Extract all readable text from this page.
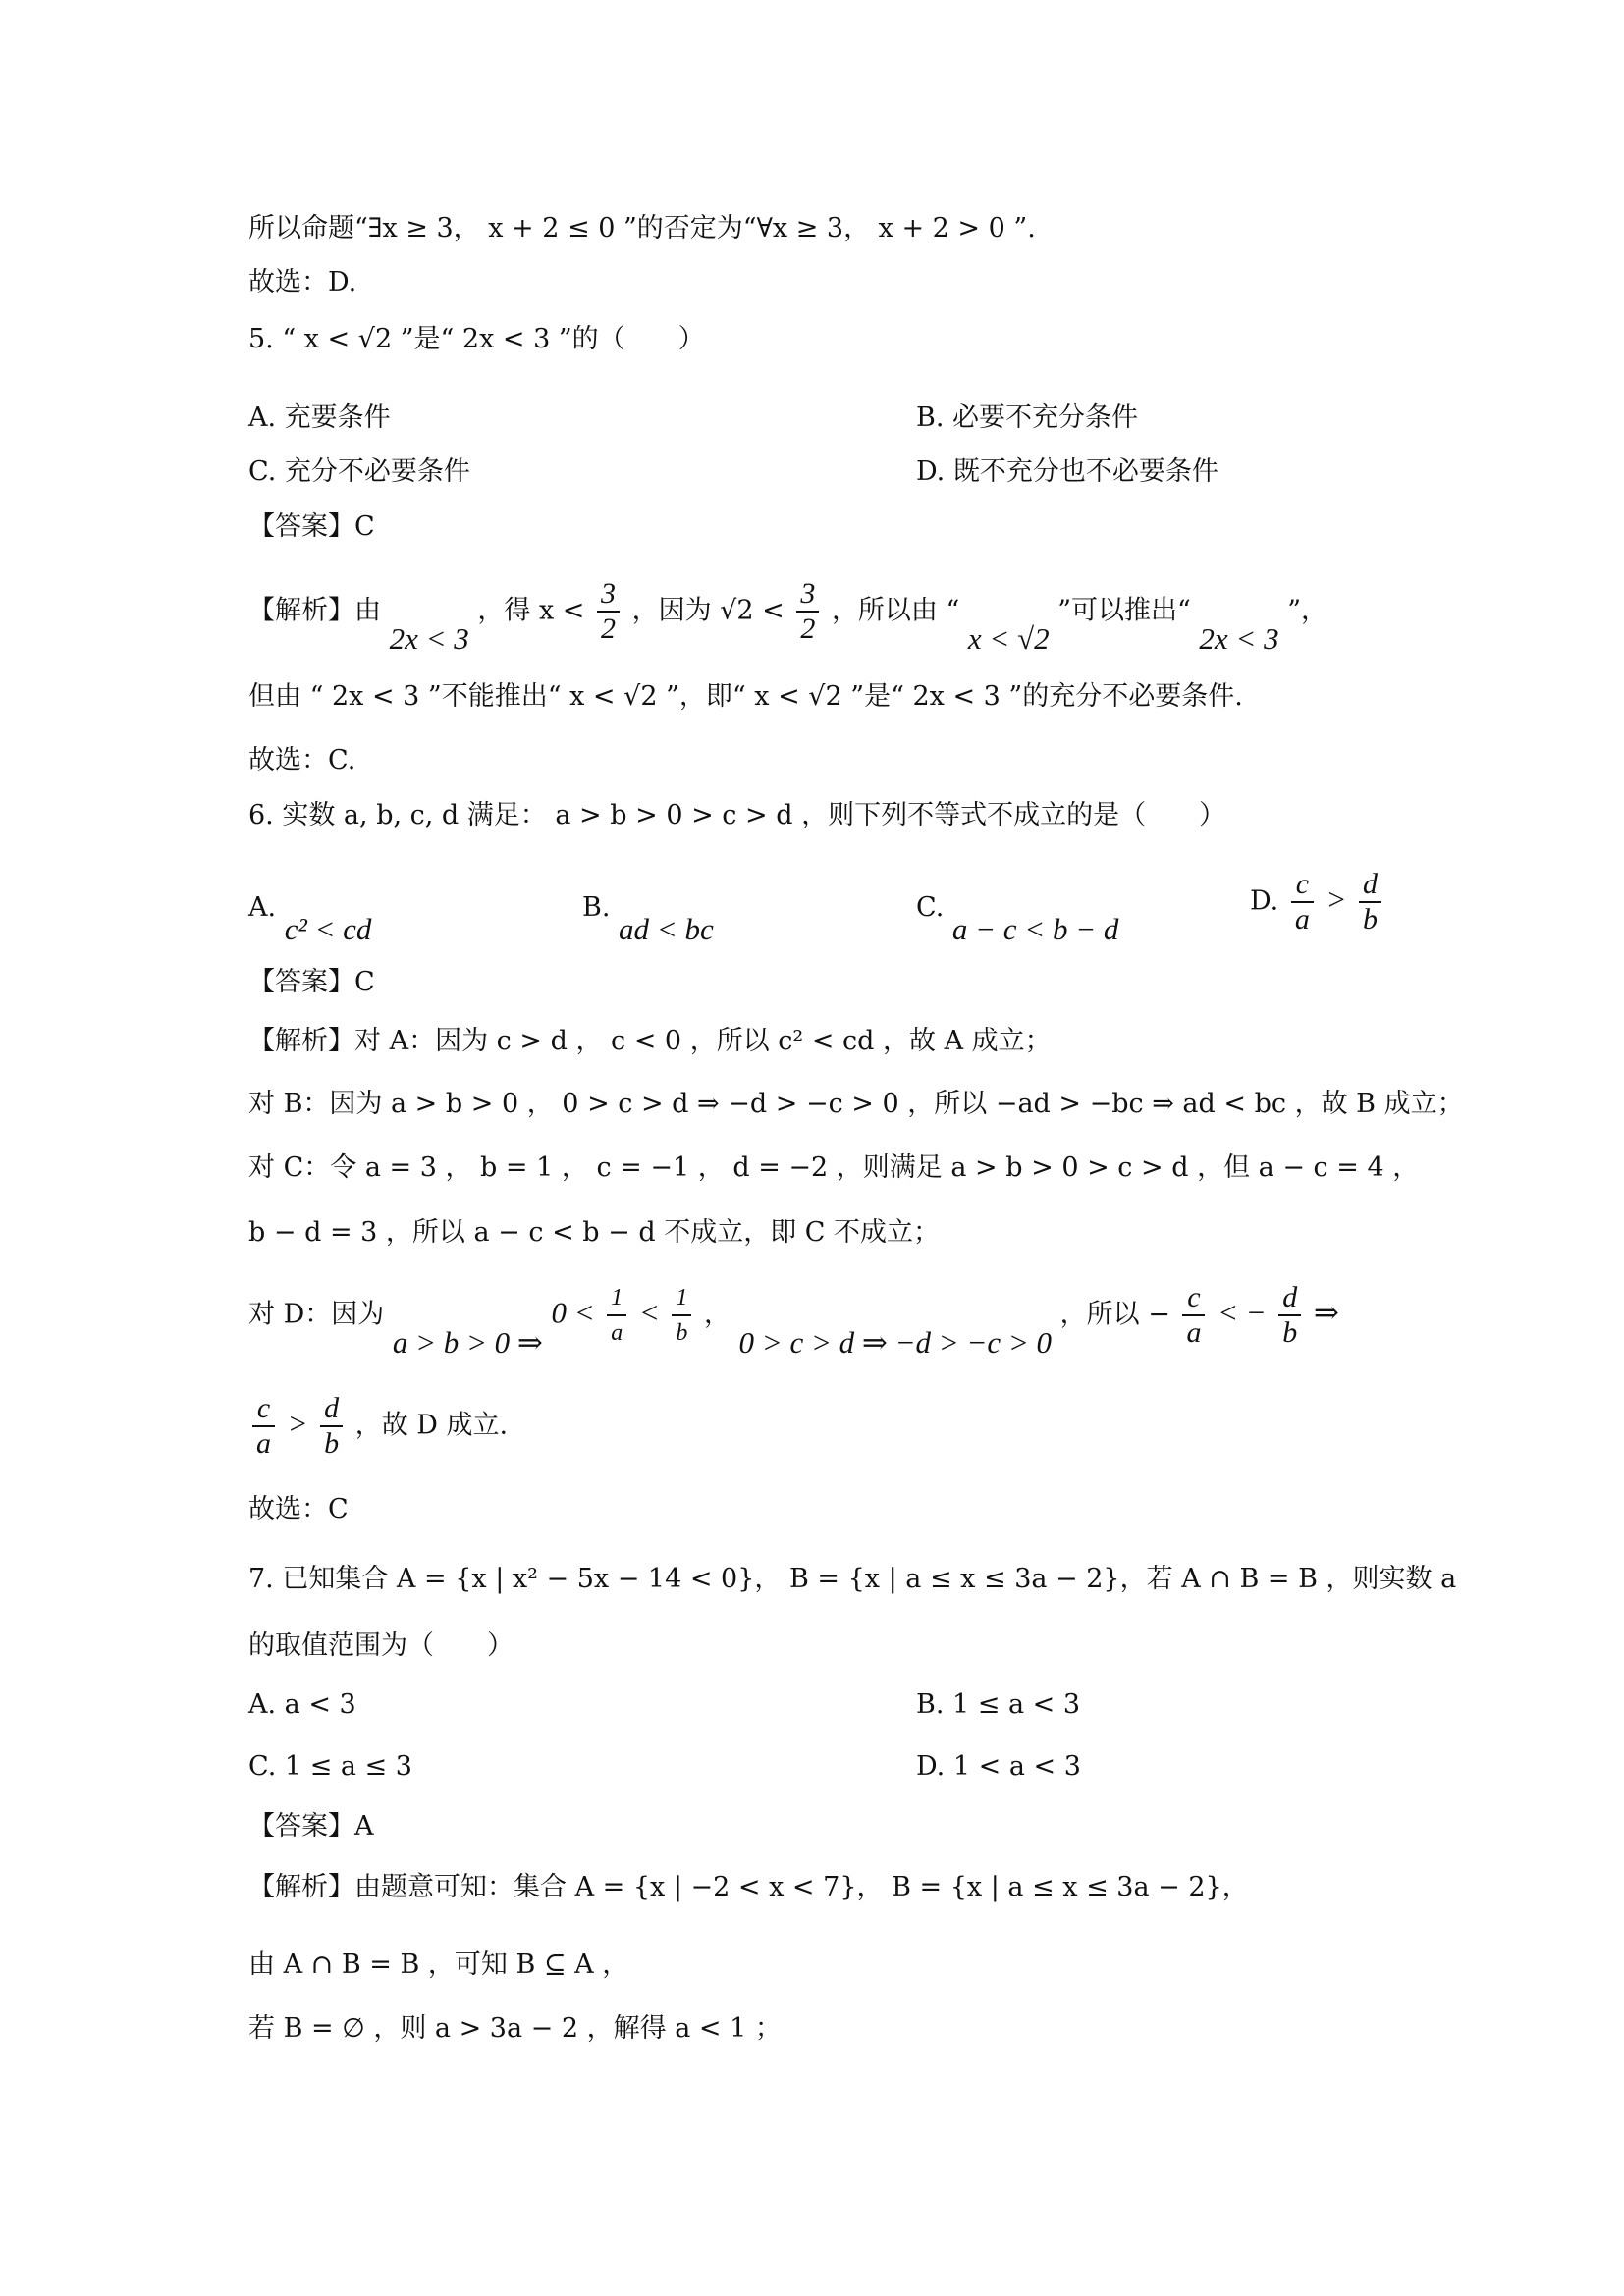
所以命题“∃x ≥ 3， x + 2 ≤ 0 ”的否定为“∀x ≥ 3， x + 2 > 0 ”.
故选：D.
5. “ x < √2 ”是“ 2x < 3 ”的（　　）
A. 充要条件	B. 必要不充分条件
C. 充分不必要条件	D. 既不充分也不必要条件
【答案】C
【解析】由 2x < 3 ，得 $x < \frac{3}{2}$ ，因为 $√2 < \frac{3}{2}$ ，所以由 “ x < √2 ”可以推出“ 2x < 3 ”，
但由 “ 2x < 3 ”不能推出“ x < √2 ”，即“ x < √2 ”是“ 2x < 3 ”的充分不必要条件.
故选：C.
6. 实数 a, b, c, d 满足： a > b > 0 > c > d ，则下列不等式不成立的是（　　）
A. c² < cd
B. ad < bc
C. a − c < b − d
D. $\frac{c}{a} > \frac{d}{b}$
【答案】C
【解析】对 A：因为 c > d ， c < 0 ，所以 c² < cd ，故 A 成立；
对 B：因为 a > b > 0 ， 0 > c > d ⇒ −d > −c > 0 ，所以 −ad > −bc ⇒ ad < bc ，故 B 成立；
对 C：令 a = 3 ， b = 1 ， c = −1 ， d = −2 ，则满足 a > b > 0 > c > d ，但 a − c = 4 ，
b − d = 3 ，所以 a − c < b − d 不成立，即 C 不成立；
对 D：因为 a > b > 0 ⇒ $0 < \frac{1}{a} < \frac{1}{b}$ ， 0 > c > d ⇒ −d > −c > 0 ，所以 − $\frac{c}{a}$ < − $\frac{d}{b}$ ⇒
$\frac{c}{a} > \frac{d}{b}$ ，故 D 成立.
故选：C
7. 已知集合 A = {x | x² − 5x − 14 < 0}， B = {x | a ≤ x ≤ 3a − 2}，若 A ∩ B = B ，则实数 a
的取值范围为（　　）
A. a < 3	B. 1 ≤ a < 3
C. 1 ≤ a ≤ 3	D. 1 < a < 3
【答案】A
【解析】由题意可知：集合 A = {x | −2 < x < 7}， B = {x | a ≤ x ≤ 3a − 2}，
由 A ∩ B = B ，可知 B ⊆ A ，
若 B = ∅ ，则 a > 3a − 2 ，解得 a < 1 ；
